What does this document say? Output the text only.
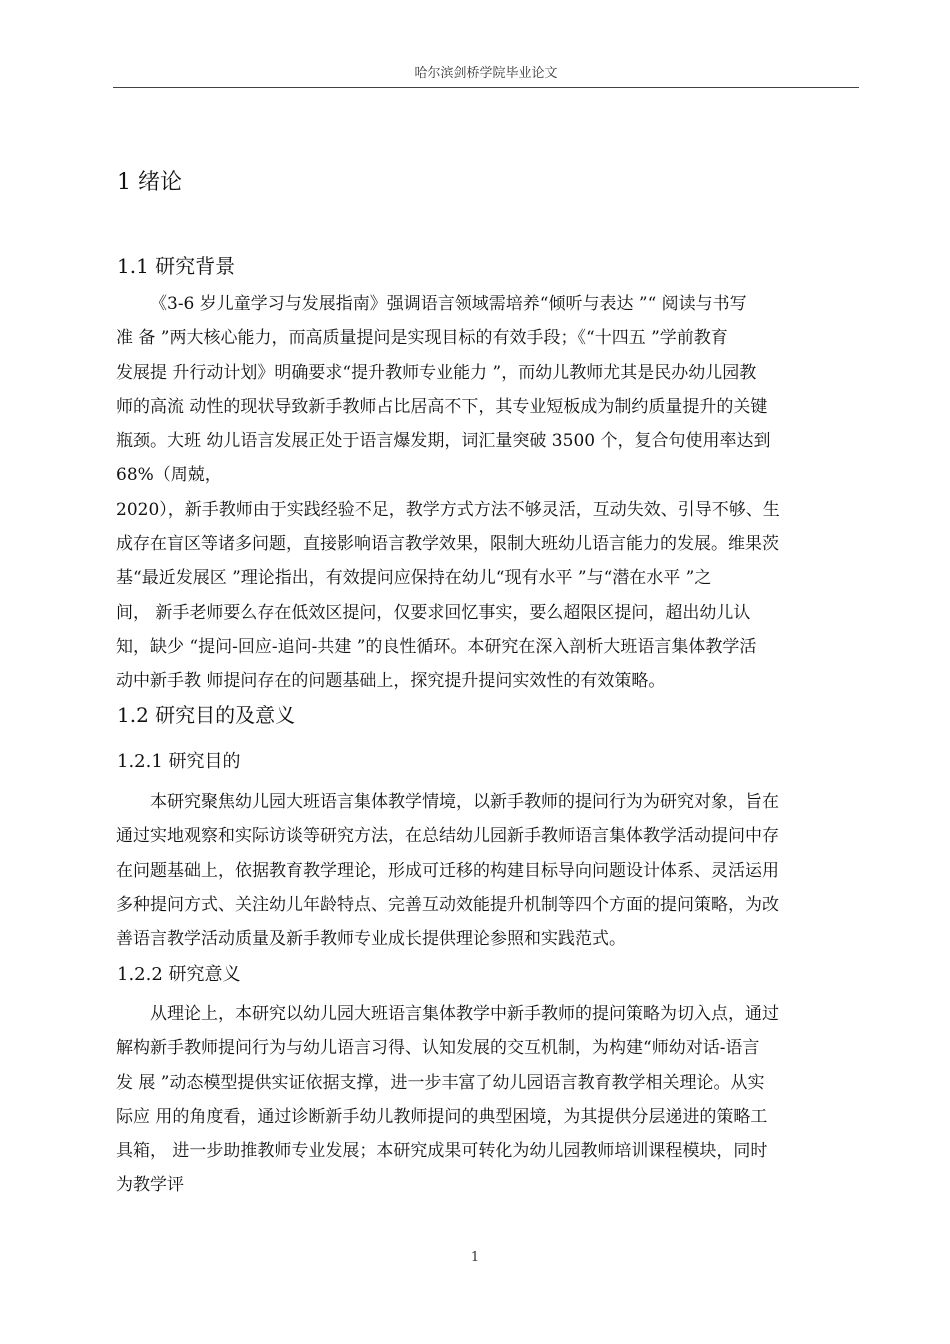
哈尔滨剑桥学院毕业论文
1 绪论
1.1 研究背景
《3-6 岁儿童学习与发展指南》强调语言领域需培养“倾听与表达 ”“ 阅读与书写
准 备 ”两大核心能力，而高质量提问是实现目标的有效手段；《“十四五 ”学前教育
发展提 升行动计划》明确要求“提升教师专业能力 ”，而幼儿教师尤其是民办幼儿园教
师的高流 动性的现状导致新手教师占比居高不下，其专业短板成为制约质量提升的关键
瓶颈。大班 幼儿语言发展正处于语言爆发期，词汇量突破 3500 个，复合句使用率达到
68%（周兢，
2020），新手教师由于实践经验不足，教学方式方法不够灵活，互动失效、引导不够、生
成存在盲区等诸多问题，直接影响语言教学效果，限制大班幼儿语言能力的发展。维果茨
基“最近发展区 ”理论指出，有效提问应保持在幼儿“现有水平 ”与“潜在水平 ”之
间， 新手老师要么存在低效区提问，仅要求回忆事实，要么超限区提问，超出幼儿认
知，缺少 “提问-回应-追问-共建 ”的良性循环。本研究在深入剖析大班语言集体教学活
动中新手教 师提问存在的问题基础上，探究提升提问实效性的有效策略。
1.2 研究目的及意义
1.2.1 研究目的
本研究聚焦幼儿园大班语言集体教学情境，以新手教师的提问行为为研究对象，旨在
通过实地观察和实际访谈等研究方法，在总结幼儿园新手教师语言集体教学活动提问中存
在问题基础上，依据教育教学理论，形成可迁移的构建目标导向问题设计体系、灵活运用
多种提问方式、关注幼儿年龄特点、完善互动效能提升机制等四个方面的提问策略，为改
善语言教学活动质量及新手教师专业成长提供理论参照和实践范式。
1.2.2 研究意义
从理论上，本研究以幼儿园大班语言集体教学中新手教师的提问策略为切入点，通过
解构新手教师提问行为与幼儿语言习得、认知发展的交互机制，为构建“师幼对话-语言
发 展 ”动态模型提供实证依据支撑，进一步丰富了幼儿园语言教育教学相关理论。从实
际应 用的角度看，通过诊断新手幼儿教师提问的典型困境，为其提供分层递进的策略工
具箱， 进一步助推教师专业发展；本研究成果可转化为幼儿园教师培训课程模块，同时
为教学评
1
